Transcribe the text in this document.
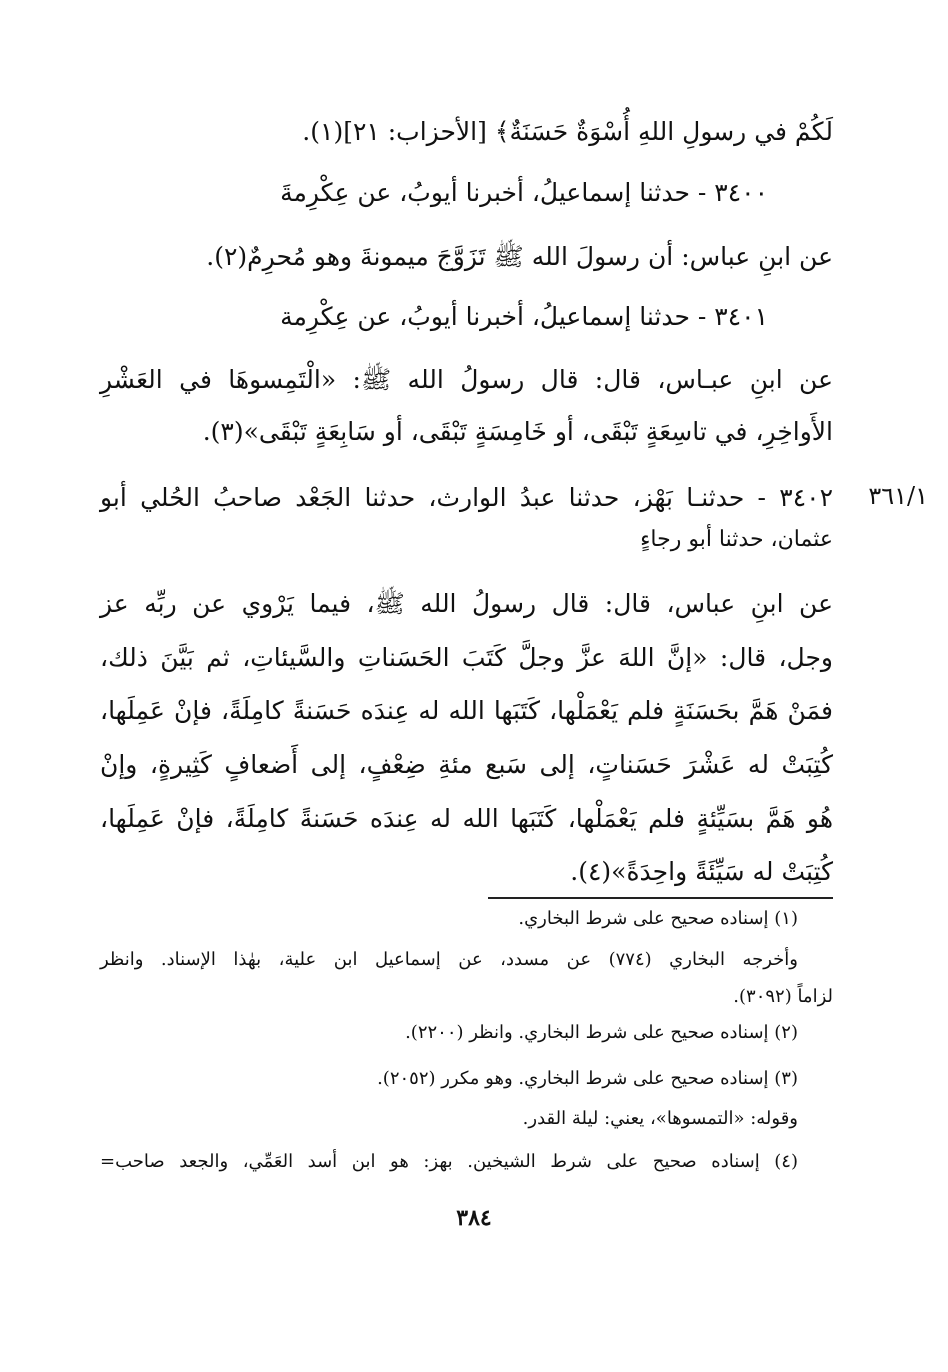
لَكُمْ في رسولِ اللهِ أُسْوَةٌ حَسَنَةٌ﴾ [الأحزاب: ٢١](١).
٣٤٠٠ - حدثنا إسماعيلُ، أخبرنا أيوبُ، عن عِكْرِمةَ
عن ابنِ عباس: أن رسولَ الله ﷺ تَزَوَّجَ ميمونةَ وهو مُحرِمٌ(٢).
٣٤٠١ - حدثنا إسماعيلُ، أخبرنا أيوبُ، عن عِكْرِمة
عن ابنِ عبـاس، قال: قال رسولُ الله ﷺ: «الْتَمِسوهَا في العَشْرِ
الأَواخِرِ، في تاسِعَةٍ تَبْقَى، أو خَامِسَةٍ تَبْقَى، أو سَابِعَةٍ تَبْقَى»(٣).
٣٦١/١
٣٤٠٢ - حدثنـا بَهْز، حدثنا عبدُ الوارث، حدثنا الجَعْد صاحبُ الحُلي أبو
عثمان، حدثنا أبو رجاءٍ
عن ابنِ عباس، قال: قال رسولُ الله ﷺ، فيما يَرْوي عن ربِّه عز
وجل، قال: «إنَّ اللهَ عزَّ وجلَّ كَتَبَ الحَسَناتِ والسَّيئاتِ، ثم بَيَّنَ ذلك،
فمَنْ هَمَّ بحَسَنَةٍ فلم يَعْمَلْها، كَتَبَها الله له عِندَه حَسَنةً كامِلَةً، فإنْ عَمِلَها،
كُتِبَتْ له عَشْرَ حَسَناتٍ، إلى سَبع مئةِ ضِعْفٍ، إلى أَضعافٍ كَثِيرةٍ، وإنْ
هُو هَمَّ بسَيِّئةٍ فلم يَعْمَلْها، كَتَبَها الله له عِندَه حَسَنةً كامِلَةً، فإنْ عَمِلَها،
كُتِبَتْ له سَيِّئَةً واحِدَةً»(٤).
(١) إسناده صحيح على شرط البخاري.
وأخرجه البخاري (٧٧٤) عن مسدد، عن إسماعيل ابن علية، بهٰذا الإسناد. وانظر
لزاماً (٣٠٩٢).
(٢) إسناده صحيح على شرط البخاري. وانظر (٢٢٠٠).
(٣) إسناده صحيح على شرط البخاري. وهو مكرر (٢٠٥٢).
وقوله: «التمسوها»، يعني: ليلة القدر.
(٤) إسناده صحيح على شرط الشيخين. بهز: هو ابن أسد العَمِّي، والجعد صاحب=
٣٨٤
